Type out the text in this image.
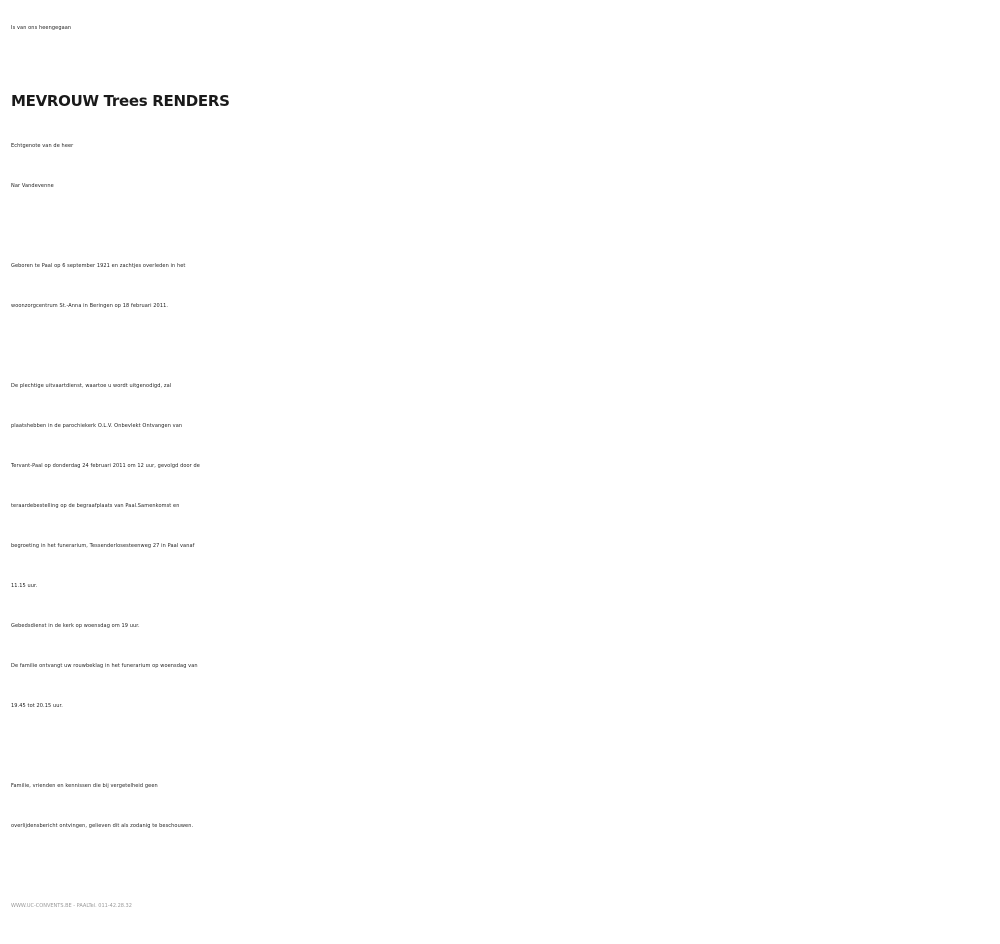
Is van ons heengegaan
MEVROUW Trees RENDERS
Echtgenote van de heer
Nar Vandevenne
Geboren te Paal op 6 september 1921 en zachtjes overleden in het
woonzorgcentrum St.-Anna in Beringen op 18 februari 2011.
De plechtige uitvaartdienst, waartoe u wordt uitgenodigd, zal
plaatshebben in de parochiekerk O.L.V. Onbevlekt Ontvangen van
Tervant-Paal op donderdag 24 februari 2011 om 12 uur, gevolgd door de
teraardebestelling op de begraafplaats van Paal.Samenkomst en
begroeting in het funerarium, Tessenderlosesteenweg 27 in Paal vanaf
11.15 uur.
Gebedsdienst in de kerk op woensdag om 19 uur.
De familie ontvangt uw rouwbeklag in het funerarium op woensdag van
19.45 tot 20.15 uur.
Familie, vrienden en kennissen die bij vergetelheid geen
overlijdensbericht ontvingen, gelieven dit als zodanig te beschouwen.
WWW.UC-CONVENTS.BE - PAALTel. 011-42.28.32
